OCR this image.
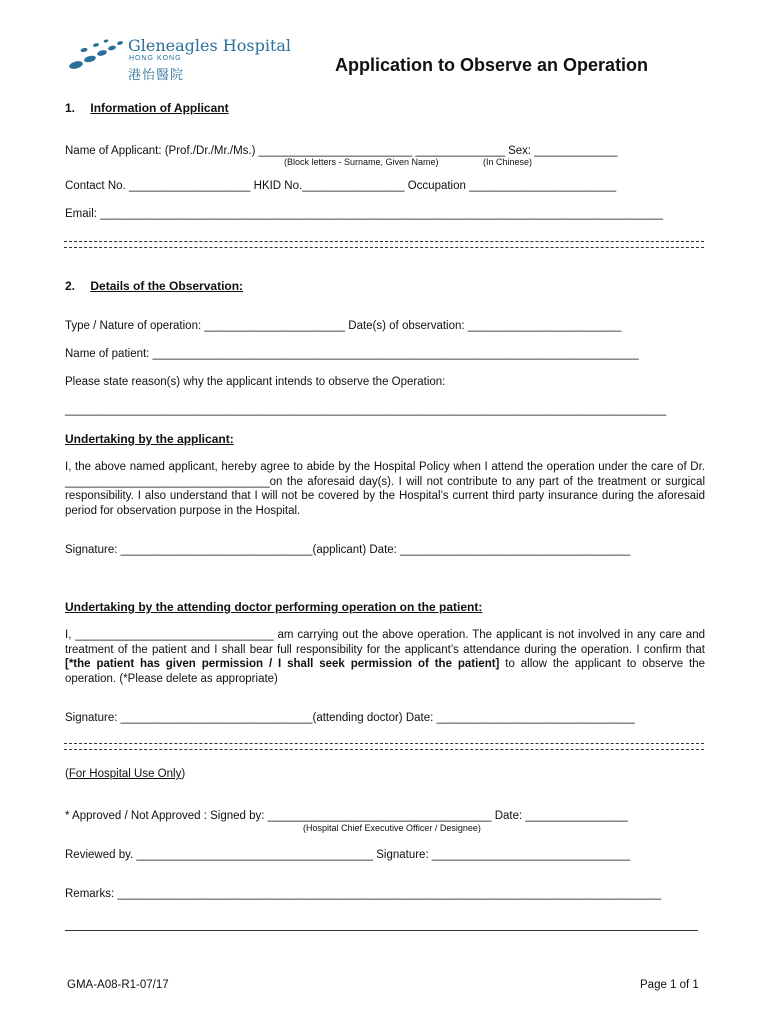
Gleneagles Hospital
HONG KONG
港怡醫院	Application to Observe an Operation
1. Information of Applicant
Name of Applicant: (Prof./Dr./Mr./Ms.) ________________________ ______________ Sex: _____________
(Block letters - Surname, Given Name)	(In Chinese)
Contact No. ___________________ HKID No.________________ Occupation _______________________
Email: ________________________________________________________________________________________
2. Details of the Observation:
Type / Nature of operation: ______________________ Date(s) of observation: ________________________
Name of patient: ____________________________________________________________________________
Please state reason(s) why the applicant intends to observe the Operation:
______________________________________________________________________________________________
Undertaking by the applicant:
I, the above named applicant, hereby agree to abide by the Hospital Policy when I attend the operation under the care of Dr. ________________________________on the aforesaid day(s). I will not contribute to any part of the treatment or surgical responsibility. I also understand that I will not be covered by the Hospital’s current third party insurance during the aforesaid period for observation purpose in the Hospital.
Signature: ______________________________(applicant) Date: ____________________________________
Undertaking by the attending doctor performing operation on the patient:
I, _______________________________ am carrying out the above operation. The applicant is not involved in any care and treatment of the patient and I shall bear full responsibility for the applicant’s attendance during the operation. I confirm that [*the patient has given permission / I shall seek permission of the patient] to allow the applicant to observe the operation. (*Please delete as appropriate)
Signature: ______________________________(attending doctor) Date: _______________________________
(For Hospital Use Only)
* Approved / Not Approved : Signed by: ___________________________________ Date: ________________
(Hospital Chief Executive Officer / Designee)
Reviewed by. _____________________________________ Signature: _______________________________
Remarks: _____________________________________________________________________________________
GMA-A08-R1-07/17	Page 1 of 1
